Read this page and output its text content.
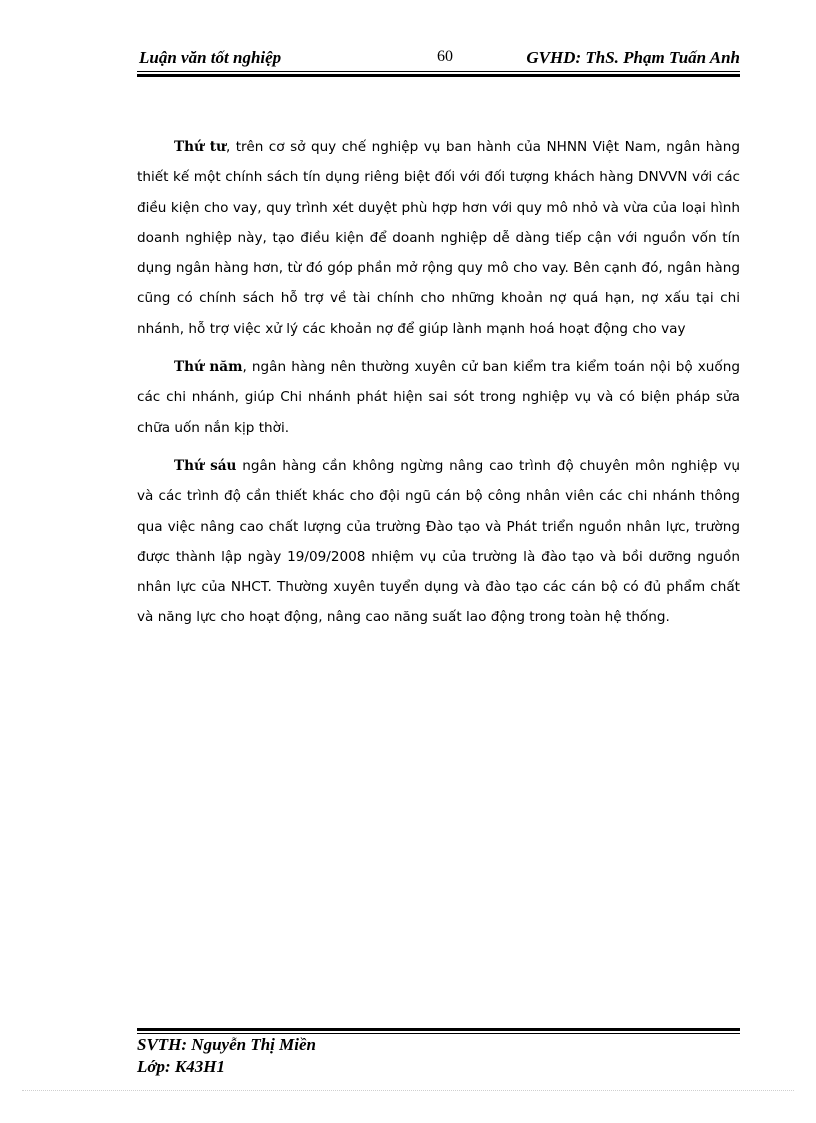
Luận văn tốt nghiệp	60	GVHD: ThS. Phạm Tuấn Anh

Thứ tư, trên cơ sở quy chế nghiệp vụ ban hành của NHNN Việt Nam, ngân hàng thiết kế một chính sách tín dụng riêng biệt đối với đối tượng khách hàng DNVVN với các điều kiện cho vay, quy trình xét duyệt phù hợp hơn với quy mô nhỏ và vừa của loại hình doanh nghiệp này, tạo điều kiện để doanh nghiệp dễ dàng tiếp cận với nguồn vốn tín dụng ngân hàng hơn, từ đó góp phần mở rộng quy mô cho vay. Bên cạnh đó, ngân hàng cũng có chính sách hỗ trợ về tài chính cho những khoản nợ quá hạn, nợ xấu tại chi nhánh, hỗ trợ việc xử lý các khoản nợ để giúp lành mạnh hoá hoạt động cho vay

Thứ năm, ngân hàng nên thường xuyên cử ban kiểm tra kiểm toán nội bộ xuống các chi nhánh, giúp Chi nhánh phát hiện sai sót trong nghiệp vụ và có biện pháp sửa chữa uốn nắn kịp thời.

Thứ sáu ngân hàng cần không ngừng nâng cao trình độ chuyên môn nghiệp vụ và các trình độ cần thiết khác cho đội ngũ cán bộ công nhân viên các chi nhánh thông qua việc nâng cao chất lượng của trường Đào tạo và Phát triển nguồn nhân lực, trường được thành lập ngày 19/09/2008 nhiệm vụ của trường là đào tạo và bồi dưỡng nguồn nhân lực của NHCT. Thường xuyên tuyển dụng và đào tạo các cán bộ có đủ phẩm chất và năng lực cho hoạt động, nâng cao năng suất lao động trong toàn hệ thống.

SVTH: Nguyễn Thị Miền
Lớp: K43H1
